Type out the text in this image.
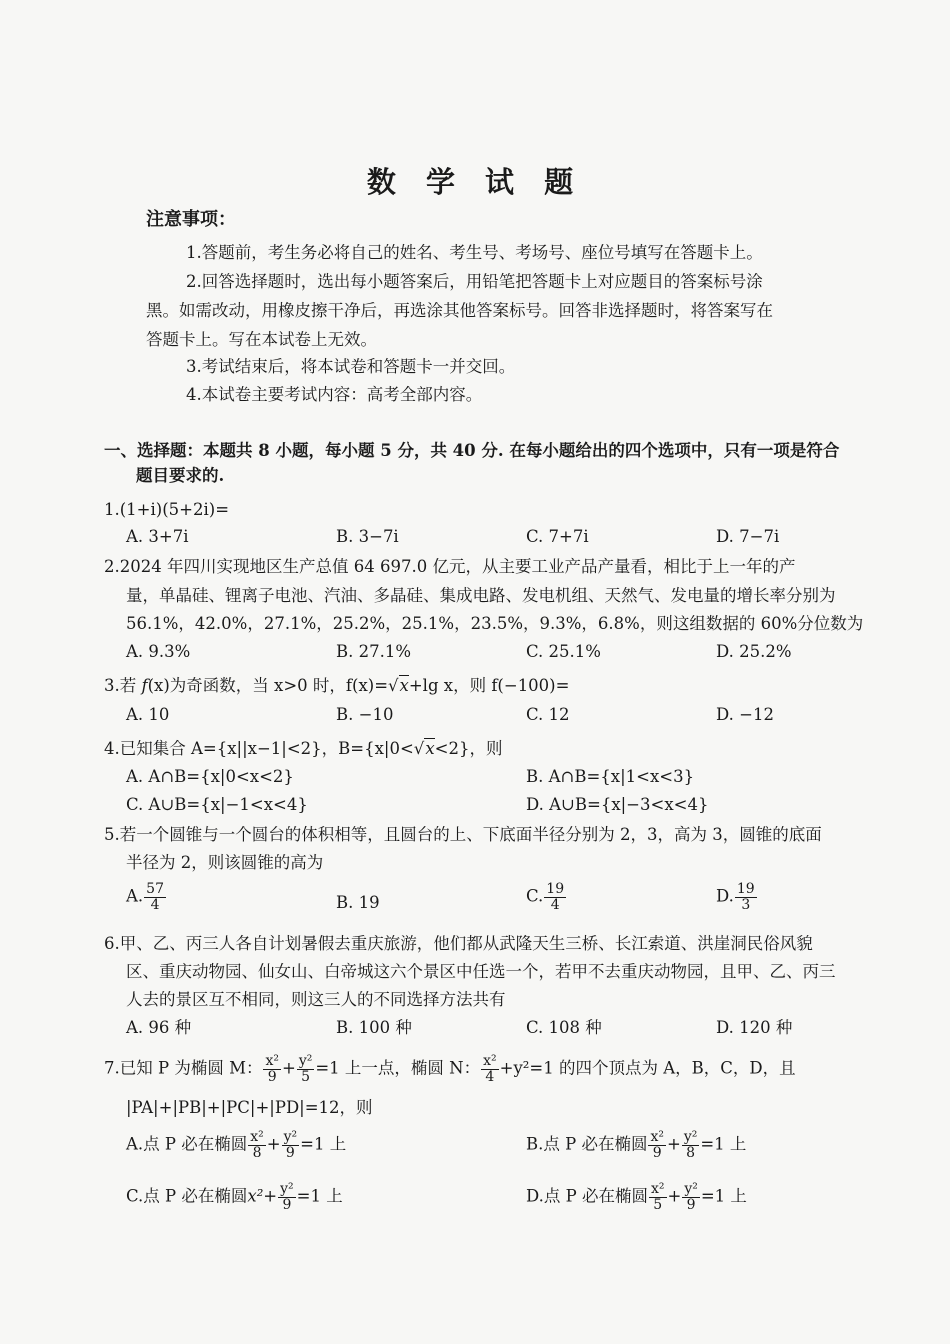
数 学 试 题
注意事项：
1.答题前，考生务必将自己的姓名、考生号、考场号、座位号填写在答题卡上。
2.回答选择题时，选出每小题答案后，用铅笔把答题卡上对应题目的答案标号涂
黑。如需改动，用橡皮擦干净后，再选涂其他答案标号。回答非选择题时，将答案写在
答题卡上。写在本试卷上无效。
3.考试结束后，将本试卷和答题卡一并交回。
4.本试卷主要考试内容：高考全部内容。
一、选择题：本题共 8 小题，每小题 5 分，共 40 分. 在每小题给出的四个选项中，只有一项是符合
题目要求的.
1.(1+i)(5+2i)=
A. 3+7i	B. 3−7i	C. 7+7i	D. 7−7i
2.2024 年四川实现地区生产总值 64 697.0 亿元，从主要工业产品产量看，相比于上一年的产
量，单晶硅、锂离子电池、汽油、多晶硅、集成电路、发电机组、天然气、发电量的增长率分别为
56.1%，42.0%，27.1%，25.2%，25.1%，23.5%，9.3%，6.8%，则这组数据的 60%分位数为
A. 9.3%	B. 27.1%	C. 25.1%	D. 25.2%
3.若 f(x)为奇函数，当 x>0 时，f(x)=√x+lg x，则 f(−100)=
A. 10	B. −10	C. 12	D. −12
4.已知集合 A={x||x−1|<2}，B={x|0<√x<2}，则
A. A∩B={x|0<x<2}	B. A∩B={x|1<x<3}
C. A∪B={x|−1<x<4}	D. A∪B={x|−3<x<4}
5.若一个圆锥与一个圆台的体积相等，且圆台的上、下底面半径分别为 2，3，高为 3，圆锥的底面
半径为 2，则该圆锥的高为
A. $\frac{57}{4}$	B. 19	C. $\frac{19}{4}$	D. $\frac{19}{3}$
6.甲、乙、丙三人各自计划暑假去重庆旅游，他们都从武隆天生三桥、长江索道、洪崖洞民俗风貌
区、重庆动物园、仙女山、白帝城这六个景区中任选一个，若甲不去重庆动物园，且甲、乙、丙三
人去的景区互不相同，则这三人的不同选择方法共有
A. 96 种	B. 100 种	C. 108 种	D. 120 种
7.已知 P 为椭圆 M： $\frac{\text{x²}}{9} + \frac{\text{y²}}{5} =1$ 上一点，椭圆 N： $\frac{\text{x²}}{4} +y^2=1$ 的四个顶点为 A，B，C，D，且
|PA|+|PB|+|PC|+|PD|=12，则
A.点 P 必在椭圆 $\frac{\text{x²}}{8} + \frac{\text{y²}}{9} =1$ 上	B.点 P 必在椭圆 $\frac{\text{x²}}{9} + \frac{\text{y²}}{8} =1$ 上
C.点 P 必在椭圆$x^2+ \frac{\text{y²}}{9} =1$ 上	D.点 P 必在椭圆 $\frac{\text{x²}}{5} + \frac{\text{y²}}{9} =1$ 上
